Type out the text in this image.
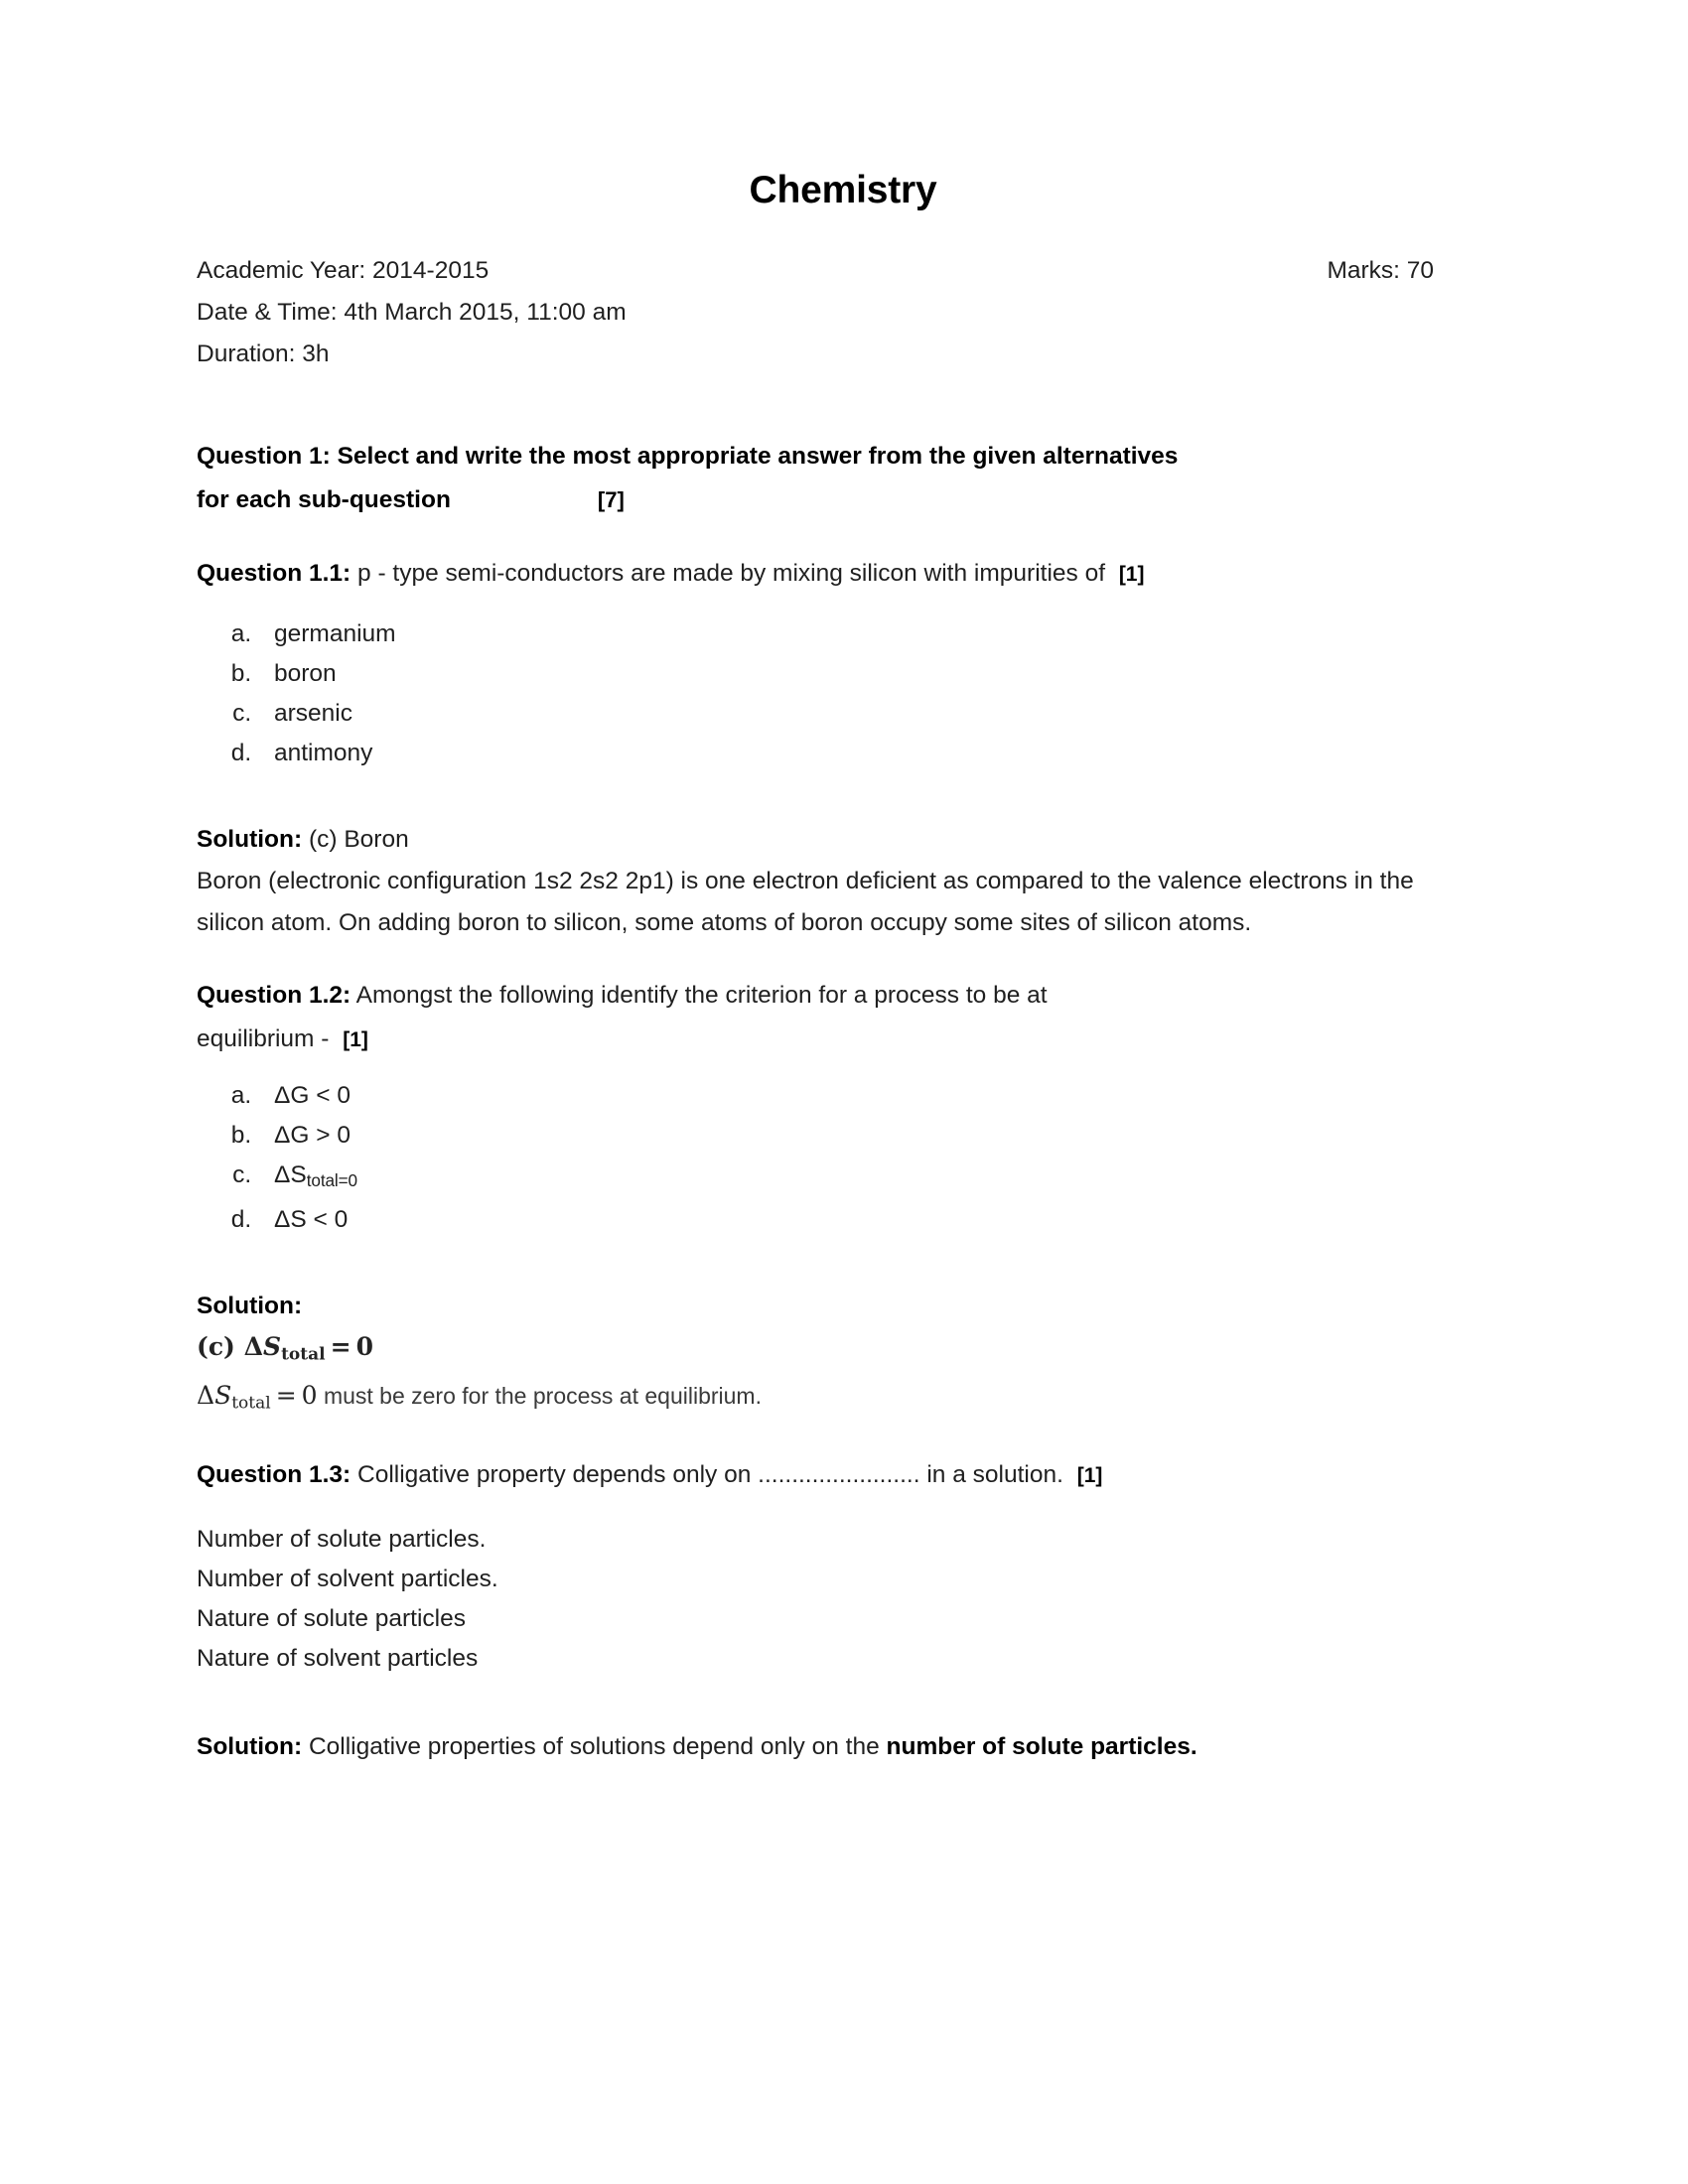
Chemistry
Academic Year: 2014-2015
Date & Time: 4th March 2015, 11:00 am
Duration: 3h
Marks: 70
Question 1: Select and write the most appropriate answer from the given alternatives
for each sub-question	[7]

Question 1.1: p - type semi-conductors are made by mixing silicon with impurities of [1]

a. germanium
b. boron
c. arsenic
d. antimony

Solution: (c) Boron

Boron (electronic configuration 1s2 2s2 2p1) is one electron deficient as compared to the valence electrons in the silicon atom. On adding boron to silicon, some atoms of boron occupy some sites of silicon atoms.

Question 1.2: Amongst the following identify the criterion for a process to be at
equilibrium - [1]

a. ΔG < 0
b. ΔG > 0
c. $\Delta S_{total=0}$
d. ΔS < 0

Solution:

(c) $\Delta S_{total} = 0$

$\Delta S_{total} = 0$ must be zero for the process at equilibrium.

Question 1.3: Colligative property depends only on ........................ in a solution. [1]

Number of solute particles.
Number of solvent particles.
Nature of solute particles
Nature of solvent particles

Solution: Colligative properties of solutions depend only on the number of solute particles.
